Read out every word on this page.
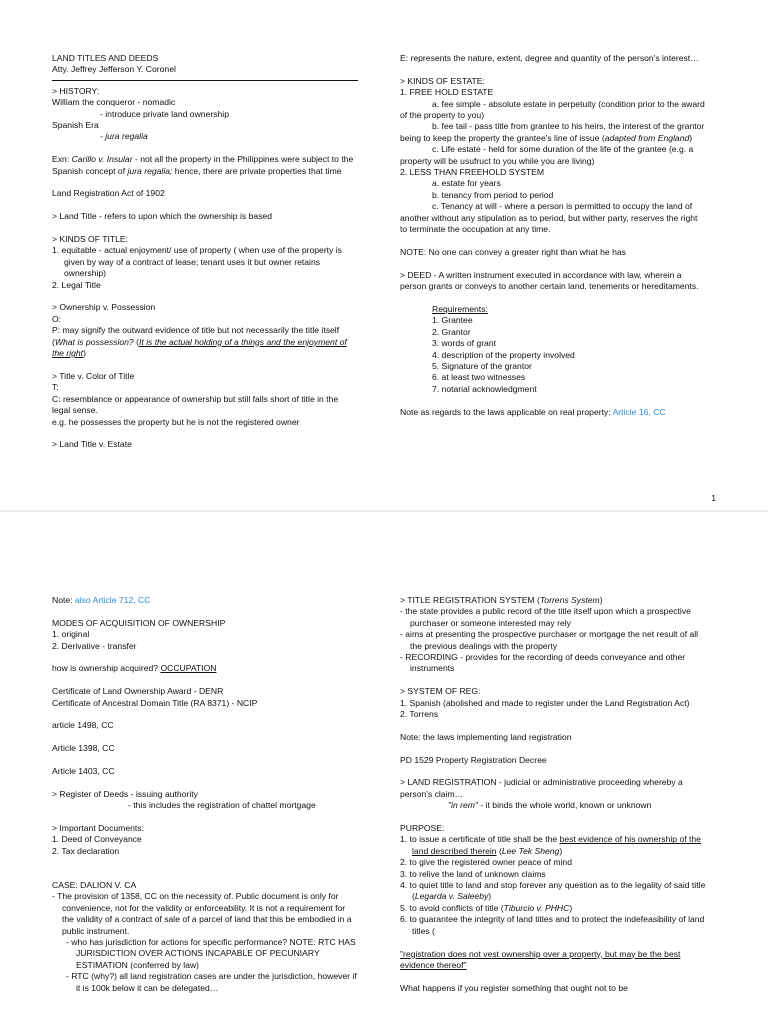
LAND TITLES AND DEEDS

Atty. Jeffrey Jefferson Y. Coronel

> HISTORY:

William the conqueror - nomadic

- introduce private land ownership

Spanish Era

- jura regalia

Exn: Carillo v. Insular - not all the property in the Philippines were subject to the Spanish concept of jura regalia; hence, there are private properties that time

Land Registration Act of 1902

> Land Title - refers to upon which the ownership is based

> KINDS OF TITLE:

1. equitable - actual enjoyment/ use of property ( when use of the property is given by way of a contract of lease; tenant uses it but owner retains ownership)

2. Legal Title

> Ownership v. Possession

O:

P: may signify the outward evidence of title but not necessarily the title itself (What is possession? (It is the actual holding of a things and the enjoyment of the right)

> Title v. Color of Title

T:

C: resemblance or appearance of ownership but still falls short of title in the legal sense.

e.g. he possesses the property but he is not the registered owner

> Land Title v. Estate

E: represents the nature, extent, degree and quantity of the person's interest…

> KINDS OF ESTATE:

1. FREE HOLD ESTATE

a. fee simple - absolute estate in perpetuity (condition prior to the award of the property to you)

b. fee tail - pass title from grantee to his heirs, the interest of the grantor being to keep the property the grantee's line of issue (adapted from England)

c. Life estate - held for some duration of the life of the grantee (e.g. a property will be usufruct to you while you are living)

2. LESS THAN FREEHOLD SYSTEM

a. estate for years

b. tenancy from period to period

c. Tenancy at will - where a person is permitted to occupy the land of another without any stipulation as to period, but wither party, reserves the right to terminate the occupation at any time.

NOTE: No one can convey a greater right than what he has

> DEED - A written instrument executed in accordance with law, wherein a person grants or conveys to another certain land, tenements or hereditaments.

Requirements:

1. Grantee

2. Grantor

3. words of grant

4. description of the property involved

5. Signature of the grantor

6. at least two witnesses

7. notarial acknowledgment

Note as regards to the laws applicable on real property: Article 16, CC

1

Note: also Article 712, CC

MODES OF ACQUISITION OF OWNERSHIP

1. original

2. Derivative - transfer

how is ownership acquired? OCCUPATION

Certificate of Land Ownership Award - DENR

Certificate of Ancestral Domain Title (RA 8371) - NCIP

article 1498, CC

Article 1398, CC

Article 1403, CC

> Register of Deeds - issuing authority

- this includes the registration of chattel mortgage

> Important Documents:

1. Deed of Conveyance

2. Tax declaration

CASE: DALION V. CA

- The provision of 1358, CC on the necessity of. Public document is only for convenience, not for the validity or enforceability. It is not a requirement for the validity of a contract of sale of a parcel of land that this be embodied in a public instrument.

- who has jurisdiction for actions for specific performance? NOTE: RTC HAS JURISDICTION OVER ACTIONS INCAPABLE OF PECUNIARY ESTIMATION (conferred by law)

- RTC (why?) all land registration cases are under the jurisdiction, however if it is 100k below it can be delegated…

> TITLE REGISTRATION SYSTEM (Torrens System)

- the state provides a public record of the title itself upon which a prospective purchaser or someone interested may rely

- aims at presenting the prospective purchaser or mortgage the net result of all the previous dealings with the property

- RECORDING - provides for the recording of deeds conveyance and other instruments

> SYSTEM OF REG:

1. Spanish (abolished and made to register under the Land Registration Act)

2. Torrens

Note: the laws implementing land registration

PD 1529 Property Registration Decree

> LAND REGISTRATION - judicial or administrative proceeding whereby a person's claim…

"in rem" - it binds the whole world, known or unknown

PURPOSE:

1. to issue a certificate of title shall be the best evidence of his ownership of the land described therein (Lee Tek Sheng)

2. to give the registered owner peace of mind

3. to relive the land of unknown claims

4. to quiet title to land and stop forever any question as to the legality of said title (Legarda v. Saleeby)

5. to avoid conflicts of title (Tiburcio v. PHHC)

6. to guarantee the integrity of land titles and to protect the indefeasibility of land titles (

"registration does not vest ownership over a property, but may be the best evidence thereof"

What happens if you register something that ought not to be
